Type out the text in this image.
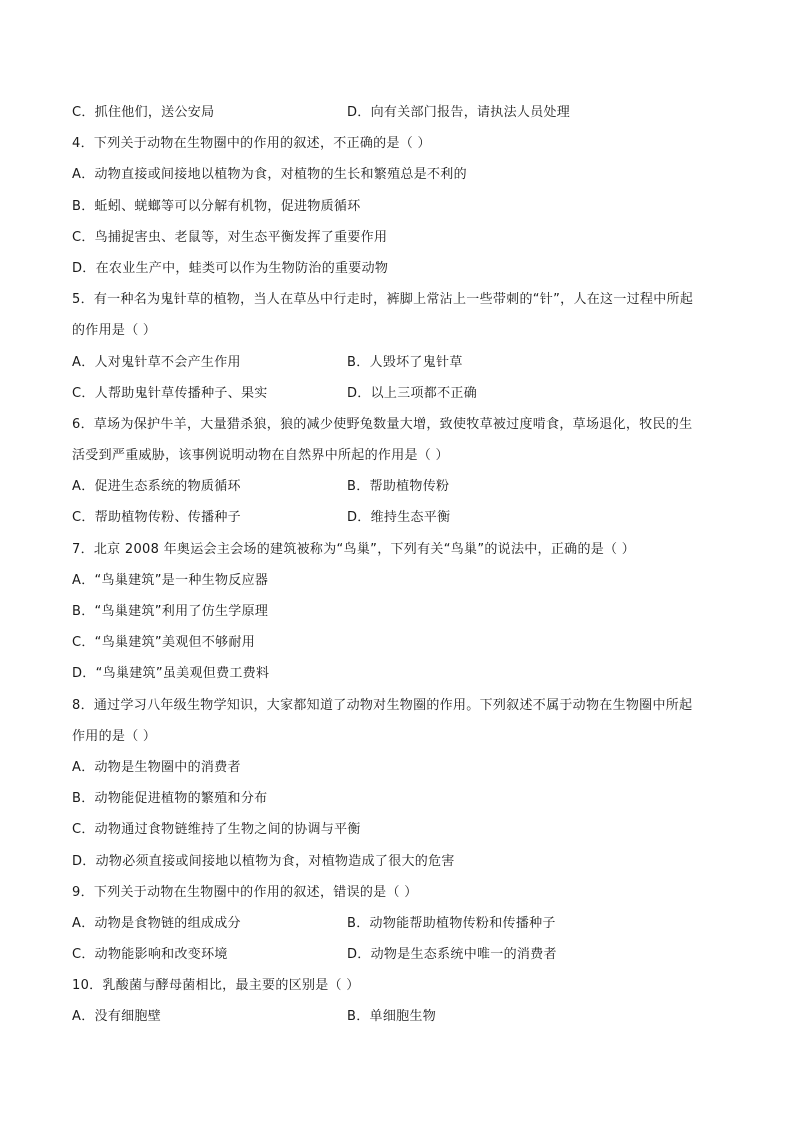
C．抓住他们，送公安局	D．向有关部门报告，请执法人员处理
4．下列关于动物在生物圈中的作用的叙述，不正确的是（ ）
A．动物直接或间接地以植物为食，对植物的生长和繁殖总是不利的
B．蚯蚓、蜣螂等可以分解有机物，促进物质循环
C．鸟捕捉害虫、老鼠等，对生态平衡发挥了重要作用
D．在农业生产中，蛙类可以作为生物防治的重要动物
5．有一种名为鬼针草的植物，当人在草丛中行走时，裤脚上常沾上一些带刺的“针”，人在这一过程中所起
的作用是（ ）
A．人对鬼针草不会产生作用	B．人毁坏了鬼针草
C．人帮助鬼针草传播种子、果实	D．以上三项都不正确
6．草场为保护牛羊，大量猎杀狼，狼的减少使野兔数量大增，致使牧草被过度啃食，草场退化，牧民的生
活受到严重威胁，该事例说明动物在自然界中所起的作用是（ ）
A．促进生态系统的物质循环	B．帮助植物传粉
C．帮助植物传粉、传播种子	D．维持生态平衡
7．北京 2008 年奥运会主会场的建筑被称为“鸟巢”，下列有关“鸟巢”的说法中，正确的是（ ）
A．“鸟巢建筑”是一种生物反应器
B．“鸟巢建筑”利用了仿生学原理
C．“鸟巢建筑”美观但不够耐用
D．“鸟巢建筑”虽美观但费工费料
8．通过学习八年级生物学知识，大家都知道了动物对生物圈的作用。下列叙述不属于动物在生物圈中所起
作用的是（ ）
A．动物是生物圈中的消费者
B．动物能促进植物的繁殖和分布
C．动物通过食物链维持了生物之间的协调与平衡
D．动物必须直接或间接地以植物为食，对植物造成了很大的危害
9．下列关于动物在生物圈中的作用的叙述，错误的是（ ）
A．动物是食物链的组成成分	B．动物能帮助植物传粉和传播种子
C．动物能影响和改变环境	D．动物是生态系统中唯一的消费者
10．乳酸菌与酵母菌相比，最主要的区别是（ ）
A．没有细胞壁	B．单细胞生物
